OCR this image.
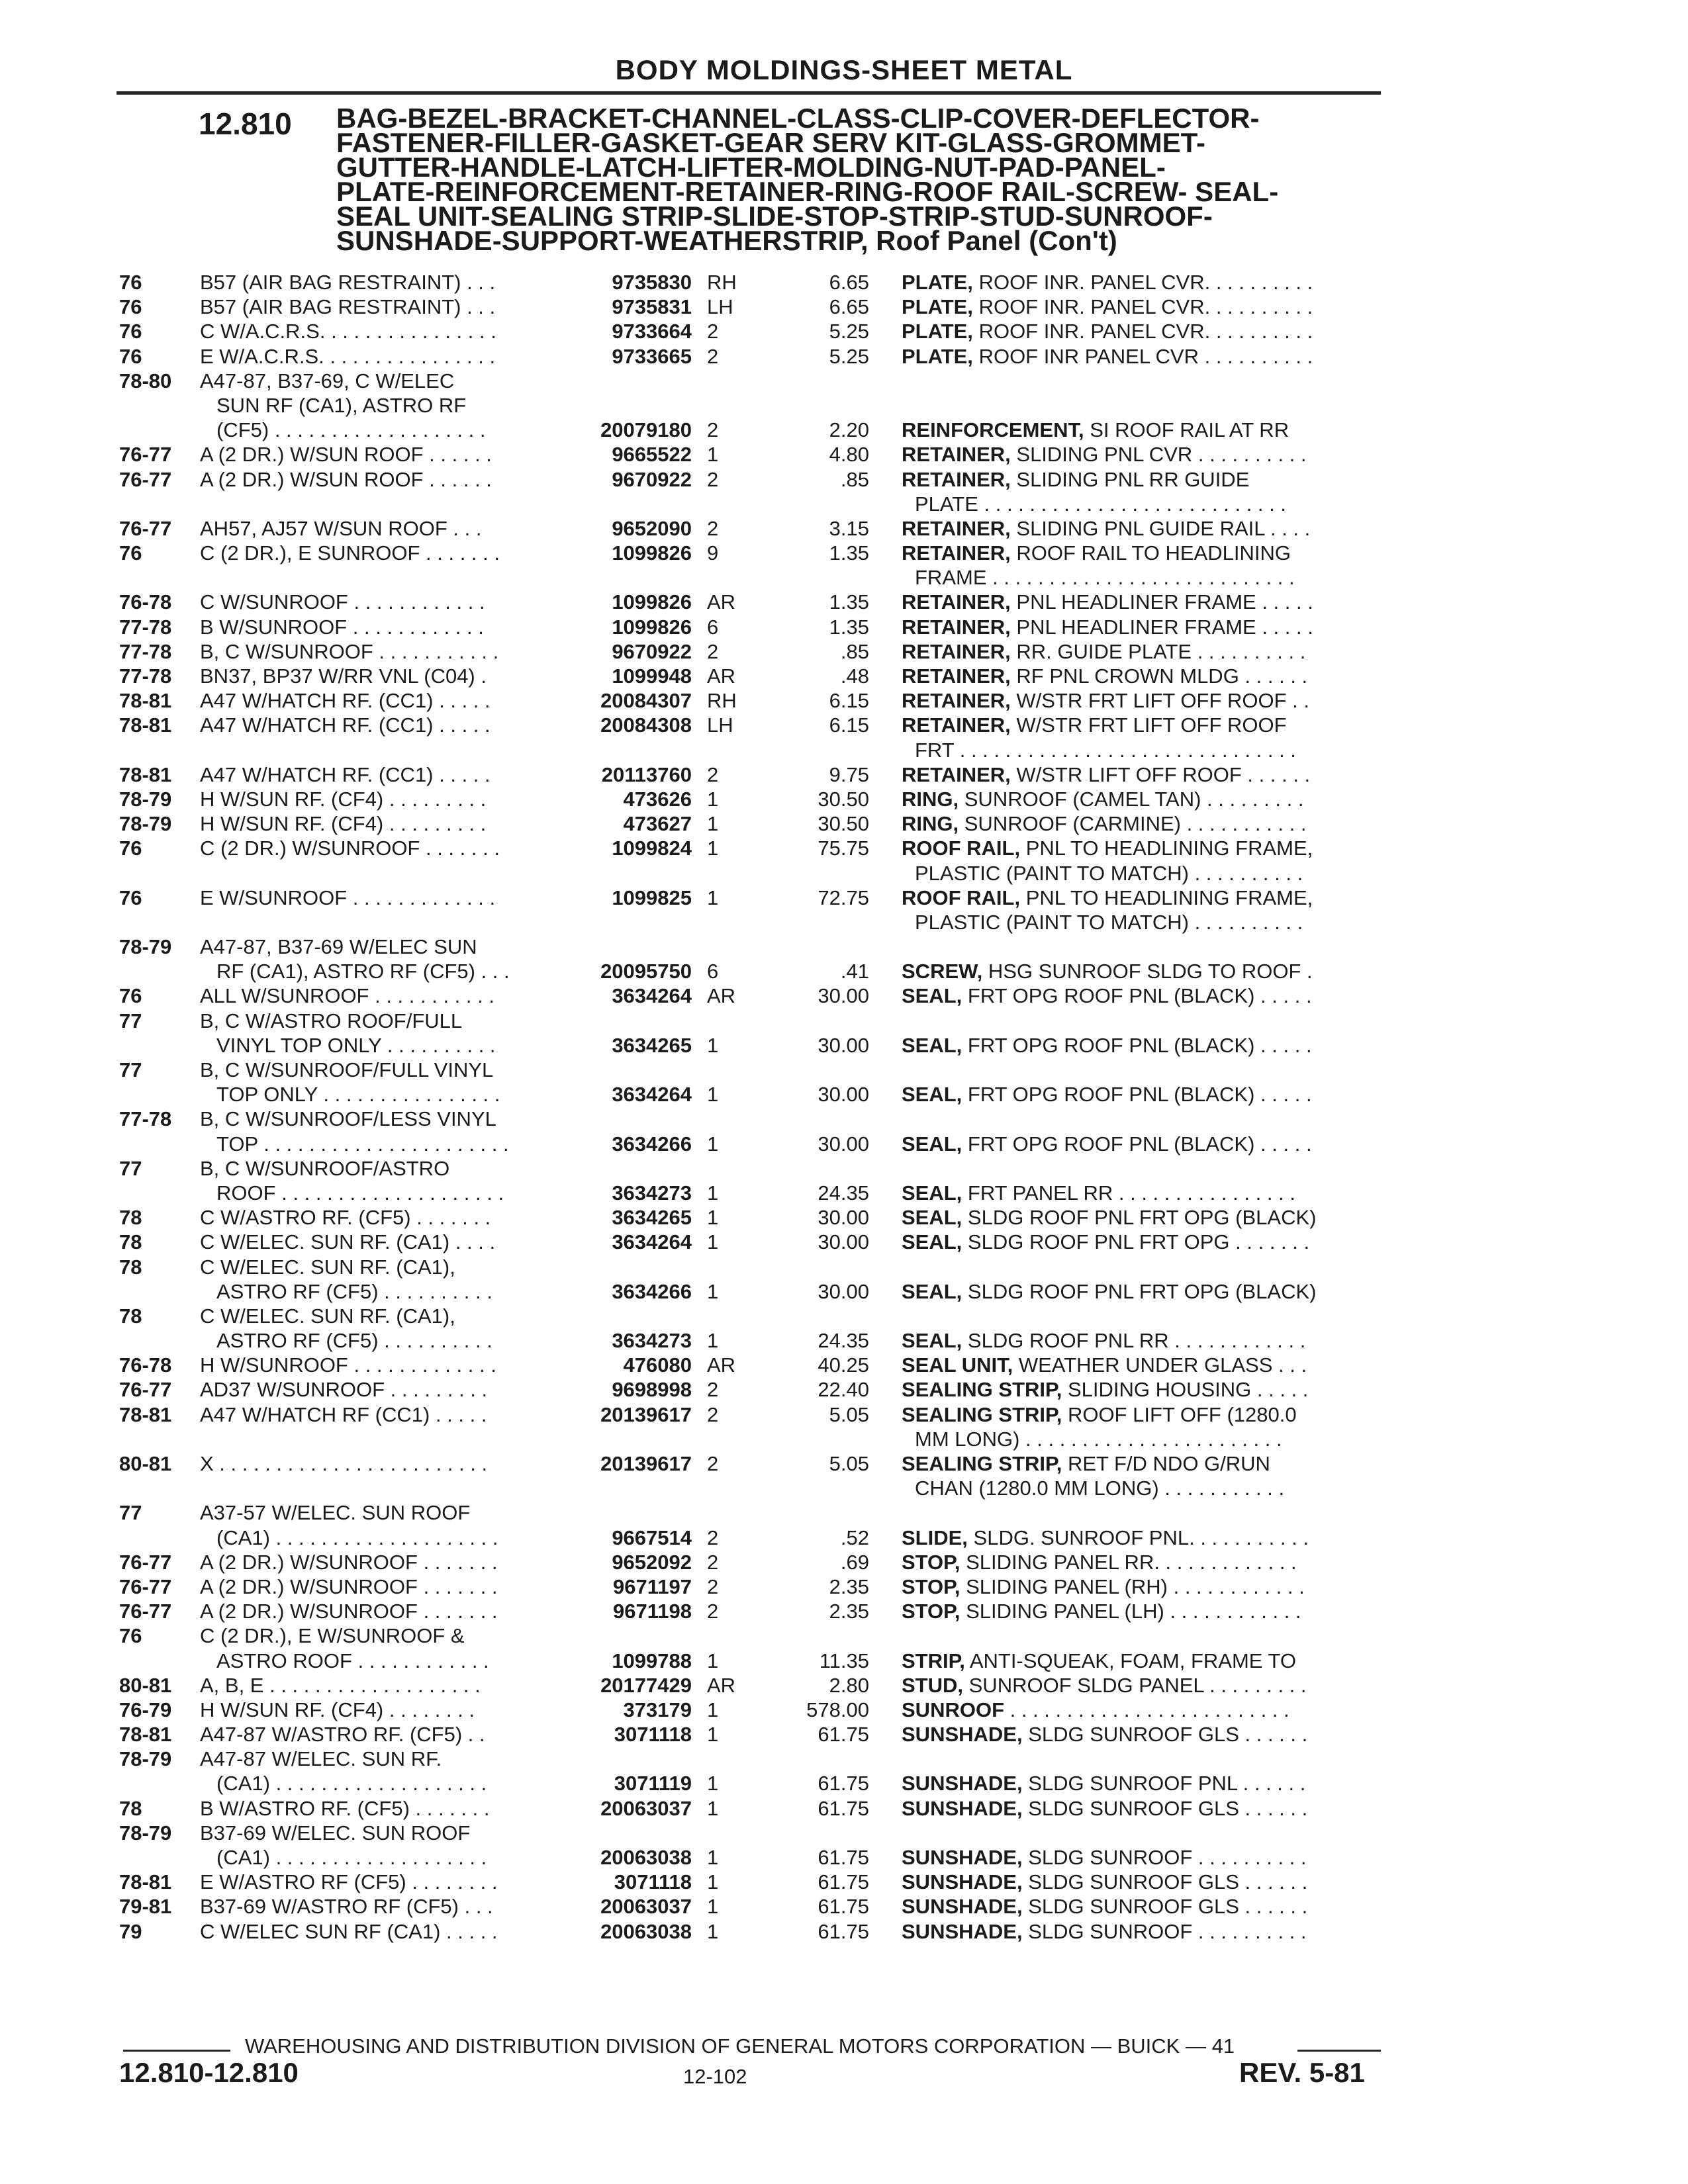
BODY MOLDINGS-SHEET METAL
12.810 BAG-BEZEL-BRACKET-CHANNEL-CLASS-CLIP-COVER-DEFLECTOR-
FASTENER-FILLER-GASKET-GEAR SERV KIT-GLASS-GROMMET-
GUTTER-HANDLE-LATCH-LIFTER-MOLDING-NUT-PAD-PANEL-
PLATE-REINFORCEMENT-RETAINER-RING-ROOF RAIL-SCREW- SEAL-
SEAL UNIT-SEALING STRIP-SLIDE-STOP-STRIP-STUD-SUNROOF-
SUNSHADE-SUPPORT-WEATHERSTRIP, Roof Panel (Con't)
76	B57 (AIR BAG RESTRAINT) . . .	9735830 RH	6.65 PLATE, ROOF INR. PANEL CVR. . . . . . . . . .
76	B57 (AIR BAG RESTRAINT) . . .	9735831 LH	6.65 PLATE, ROOF INR. PANEL CVR. . . . . . . . . .
76	C W/A.C.R.S. . . . . . . . . . . . . . . .	9733664 2	5.25 PLATE, ROOF INR. PANEL CVR. . . . . . . . . .
76	E W/A.C.R.S. . . . . . . . . . . . . . . .	9733665 2	5.25 PLATE, ROOF INR PANEL CVR . . . . . . . . . .
78-80 A47-87, B37-69, C W/ELEC
SUN RF (CA1), ASTRO RF
(CF5) . . . . . . . . . . . . . . . . . . .	20079180 2	2.20 REINFORCEMENT, SI ROOF RAIL AT RR
76-77 A (2 DR.) W/SUN ROOF . . . . . .	9665522 1	4.80 RETAINER, SLIDING PNL CVR . . . . . . . . . .
76-77 A (2 DR.) W/SUN ROOF . . . . . .	9670922 2	.85 RETAINER, SLIDING PNL RR GUIDE
PLATE . . . . . . . . . . . . . . . . . . . . . . . . . . .
76-77 AH57, AJ57 W/SUN ROOF . . .	9652090 2	3.15 RETAINER, SLIDING PNL GUIDE RAIL . . . .
76	C (2 DR.), E SUNROOF . . . . . . .	1099826 9	1.35 RETAINER, ROOF RAIL TO HEADLINING
FRAME . . . . . . . . . . . . . . . . . . . . . . . . . . .
76-78 C W/SUNROOF . . . . . . . . . . . .	1099826 AR	1.35 RETAINER, PNL HEADLINER FRAME . . . . .
77-78 B W/SUNROOF . . . . . . . . . . . .	1099826 6	1.35 RETAINER, PNL HEADLINER FRAME . . . . .
77-78 B, C W/SUNROOF . . . . . . . . . . .	9670922 2	.85 RETAINER, RR. GUIDE PLATE . . . . . . . . . .
77-78 BN37, BP37 W/RR VNL (C04) .	1099948 AR	.48 RETAINER, RF PNL CROWN MLDG . . . . . .
78-81 A47 W/HATCH RF. (CC1) . . . . .	20084307 RH	6.15 RETAINER, W/STR FRT LIFT OFF ROOF . .
78-81 A47 W/HATCH RF. (CC1) . . . . .	20084308 LH	6.15 RETAINER, W/STR FRT LIFT OFF ROOF
FRT . . . . . . . . . . . . . . . . . . . . . . . . . . . . . .
78-81 A47 W/HATCH RF. (CC1) . . . . .	20113760 2	9.75 RETAINER, W/STR LIFT OFF ROOF . . . . . .
78-79 H W/SUN RF. (CF4) . . . . . . . . .	473626 1	30.50 RING, SUNROOF (CAMEL TAN) . . . . . . . . .
78-79 H W/SUN RF. (CF4) . . . . . . . . .	473627 1	30.50 RING, SUNROOF (CARMINE) . . . . . . . . . . .
76	C (2 DR.) W/SUNROOF . . . . . . .	1099824 1	75.75 ROOF RAIL, PNL TO HEADLINING FRAME,
PLASTIC (PAINT TO MATCH) . . . . . . . . . .
76	E W/SUNROOF . . . . . . . . . . . . .	1099825 1	72.75 ROOF RAIL, PNL TO HEADLINING FRAME,
PLASTIC (PAINT TO MATCH) . . . . . . . . . .
78-79 A47-87, B37-69 W/ELEC SUN
RF (CA1), ASTRO RF (CF5) . . .	20095750 6	.41 SCREW, HSG SUNROOF SLDG TO ROOF .
76	ALL W/SUNROOF . . . . . . . . . . .	3634264 AR	30.00 SEAL, FRT OPG ROOF PNL (BLACK) . . . . .
77	B, C W/ASTRO ROOF/FULL
VINYL TOP ONLY . . . . . . . . . .	3634265 1	30.00 SEAL, FRT OPG ROOF PNL (BLACK) . . . . .
77	B, C W/SUNROOF/FULL VINYL
TOP ONLY . . . . . . . . . . . . . . . .	3634264 1	30.00 SEAL, FRT OPG ROOF PNL (BLACK) . . . . .
77-78 B, C W/SUNROOF/LESS VINYL
TOP . . . . . . . . . . . . . . . . . . . . . .	3634266 1	30.00 SEAL, FRT OPG ROOF PNL (BLACK) . . . . .
77	B, C W/SUNROOF/ASTRO
ROOF . . . . . . . . . . . . . . . . . . . .	3634273 1	24.35 SEAL, FRT PANEL RR . . . . . . . . . . . . . . . .
78	C W/ASTRO RF. (CF5) . . . . . . .	3634265 1	30.00 SEAL, SLDG ROOF PNL FRT OPG (BLACK)
78	C W/ELEC. SUN RF. (CA1) . . . .	3634264 1	30.00 SEAL, SLDG ROOF PNL FRT OPG . . . . . . .
78	C W/ELEC. SUN RF. (CA1),
ASTRO RF (CF5) . . . . . . . . . .	3634266 1	30.00 SEAL, SLDG ROOF PNL FRT OPG (BLACK)
78	C W/ELEC. SUN RF. (CA1),
ASTRO RF (CF5) . . . . . . . . . .	3634273 1	24.35 SEAL, SLDG ROOF PNL RR . . . . . . . . . . . .
76-78 H W/SUNROOF . . . . . . . . . . . . .	476080 AR	40.25 SEAL UNIT, WEATHER UNDER GLASS . . .
76-77 AD37 W/SUNROOF . . . . . . . . .	9698998 2	22.40 SEALING STRIP, SLIDING HOUSING . . . . .
78-81 A47 W/HATCH RF (CC1) . . . . .	20139617 2	5.05 SEALING STRIP, ROOF LIFT OFF (1280.0
MM LONG) . . . . . . . . . . . . . . . . . . . . . . .
80-81 X . . . . . . . . . . . . . . . . . . . . . . . .	20139617 2	5.05 SEALING STRIP, RET F/D NDO G/RUN
CHAN (1280.0 MM LONG) . . . . . . . . . . .
77	A37-57 W/ELEC. SUN ROOF
(CA1) . . . . . . . . . . . . . . . . . . . .	9667514 2	.52 SLIDE, SLDG. SUNROOF PNL. . . . . . . . . . .
76-77 A (2 DR.) W/SUNROOF . . . . . . .	9652092 2	.69 STOP, SLIDING PANEL RR. . . . . . . . . . . . .
76-77 A (2 DR.) W/SUNROOF . . . . . . .	9671197 2	2.35 STOP, SLIDING PANEL (RH) . . . . . . . . . . . .
76-77 A (2 DR.) W/SUNROOF . . . . . . .	9671198 2	2.35 STOP, SLIDING PANEL (LH) . . . . . . . . . . . .
76	C (2 DR.), E W/SUNROOF &
ASTRO ROOF . . . . . . . . . . . .	1099788 1	11.35 STRIP, ANTI-SQUEAK, FOAM, FRAME TO
80-81 A, B, E . . . . . . . . . . . . . . . . . . .	20177429 AR	2.80 STUD, SUNROOF SLDG PANEL . . . . . . . . .
76-79 H W/SUN RF. (CF4) . . . . . . . .	373179 1	578.00 SUNROOF . . . . . . . . . . . . . . . . . . . . . . . . .
78-81 A47-87 W/ASTRO RF. (CF5) . .	3071118 1	61.75 SUNSHADE, SLDG SUNROOF GLS . . . . . .
78-79 A47-87 W/ELEC. SUN RF.
(CA1) . . . . . . . . . . . . . . . . . . .	3071119 1	61.75 SUNSHADE, SLDG SUNROOF PNL . . . . . .
78	B W/ASTRO RF. (CF5) . . . . . . .	20063037 1	61.75 SUNSHADE, SLDG SUNROOF GLS . . . . . .
78-79 B37-69 W/ELEC. SUN ROOF
(CA1) . . . . . . . . . . . . . . . . . . .	20063038 1	61.75 SUNSHADE, SLDG SUNROOF . . . . . . . . . .
78-81 E W/ASTRO RF (CF5) . . . . . . . .	3071118 1	61.75 SUNSHADE, SLDG SUNROOF GLS . . . . . .
79-81 B37-69 W/ASTRO RF (CF5) . . .	20063037 1	61.75 SUNSHADE, SLDG SUNROOF GLS . . . . . .
79	C W/ELEC SUN RF (CA1) . . . . .	20063038 1	61.75 SUNSHADE, SLDG SUNROOF . . . . . . . . . .
WAREHOUSING AND DISTRIBUTION DIVISION OF GENERAL MOTORS CORPORATION — BUICK — 41
12.810-12.810	12-102	REV. 5-81
